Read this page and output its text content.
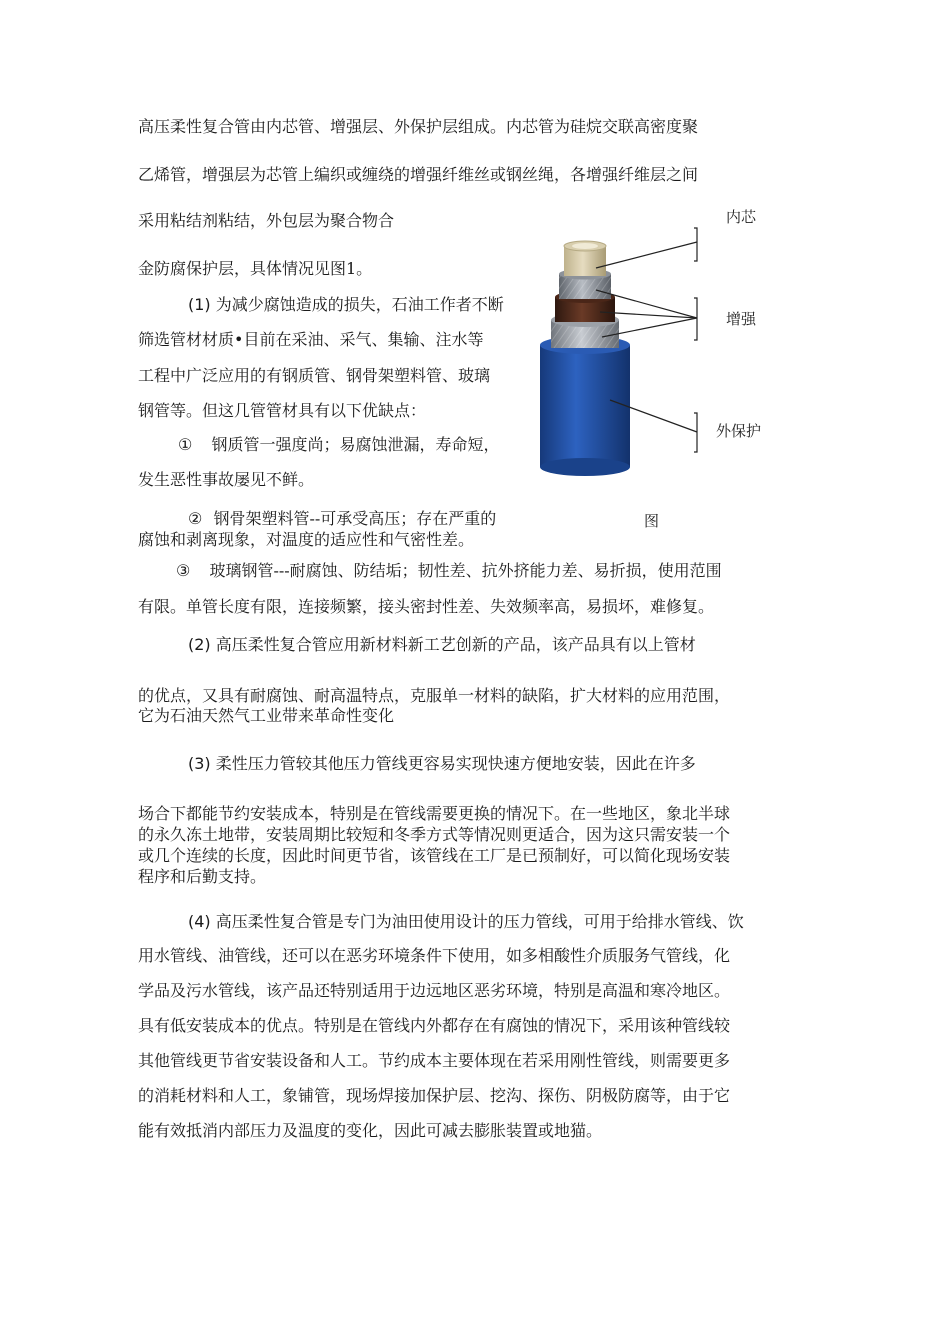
高压柔性复合管由内芯管、增强层、外保护层组成。内芯管为硅烷交联高密度聚
乙烯管，增强层为芯管上编织或缠绕的增强纤维丝或钢丝绳，各增强纤维层之间
采用粘结剂粘结，外包层为聚合物合
金防腐保护层，具体情况见图1。
(1) 为减少腐蚀造成的损失，石油工作者不断
筛选管材材质•目前在采油、采气、集输、注水等
工程中广泛应用的有钢质管、钢骨架塑料管、玻璃
钢管等。但这几管管材具有以下优缺点：
① 钢质管一强度尚；易腐蚀泄漏，寿命短，
发生恶性事故屡见不鲜。
② 钢骨架塑料管--可承受高压；存在严重的
腐蚀和剥离现象，对温度的适应性和气密性差。
图
③ 玻璃钢管---耐腐蚀、防结垢；韧性差、抗外挤能力差、易折损，使用范围
有限。单管长度有限，连接频繁，接头密封性差、失效频率高，易损坏，难修复。
(2) 高压柔性复合管应用新材料新工艺创新的产品，该产品具有以上管材
的优点，又具有耐腐蚀、耐高温特点，克服单一材料的缺陷，扩大材料的应用范围，
它为石油天然气工业带来革命性变化
(3) 柔性压力管较其他压力管线更容易实现快速方便地安装，因此在许多
场合下都能节约安装成本，特别是在管线需要更换的情况下。在一些地区，象北半球
的永久冻土地带，安装周期比较短和冬季方式等情况则更适合，因为这只需安装一个
或几个连续的长度，因此时间更节省，该管线在工厂是已预制好，可以简化现场安装
程序和后勤支持。
(4) 高压柔性复合管是专门为油田使用设计的压力管线，可用于给排水管线、饮
用水管线、油管线，还可以在恶劣环境条件下使用，如多相酸性介质服务气管线，化
学品及污水管线，该产品还特别适用于边远地区恶劣环境，特别是高温和寒冷地区。
具有低安装成本的优点。特别是在管线内外都存在有腐蚀的情况下，采用该种管线较
其他管线更节省安装设备和人工。节约成本主要体现在若采用刚性管线，则需要更多
的消耗材料和人工，象铺管，现场焊接加保护层、挖沟、探伤、阴极防腐等，由于它
能有效抵消内部压力及温度的变化，因此可减去膨胀装置或地猫。
内芯
增强
外保护
